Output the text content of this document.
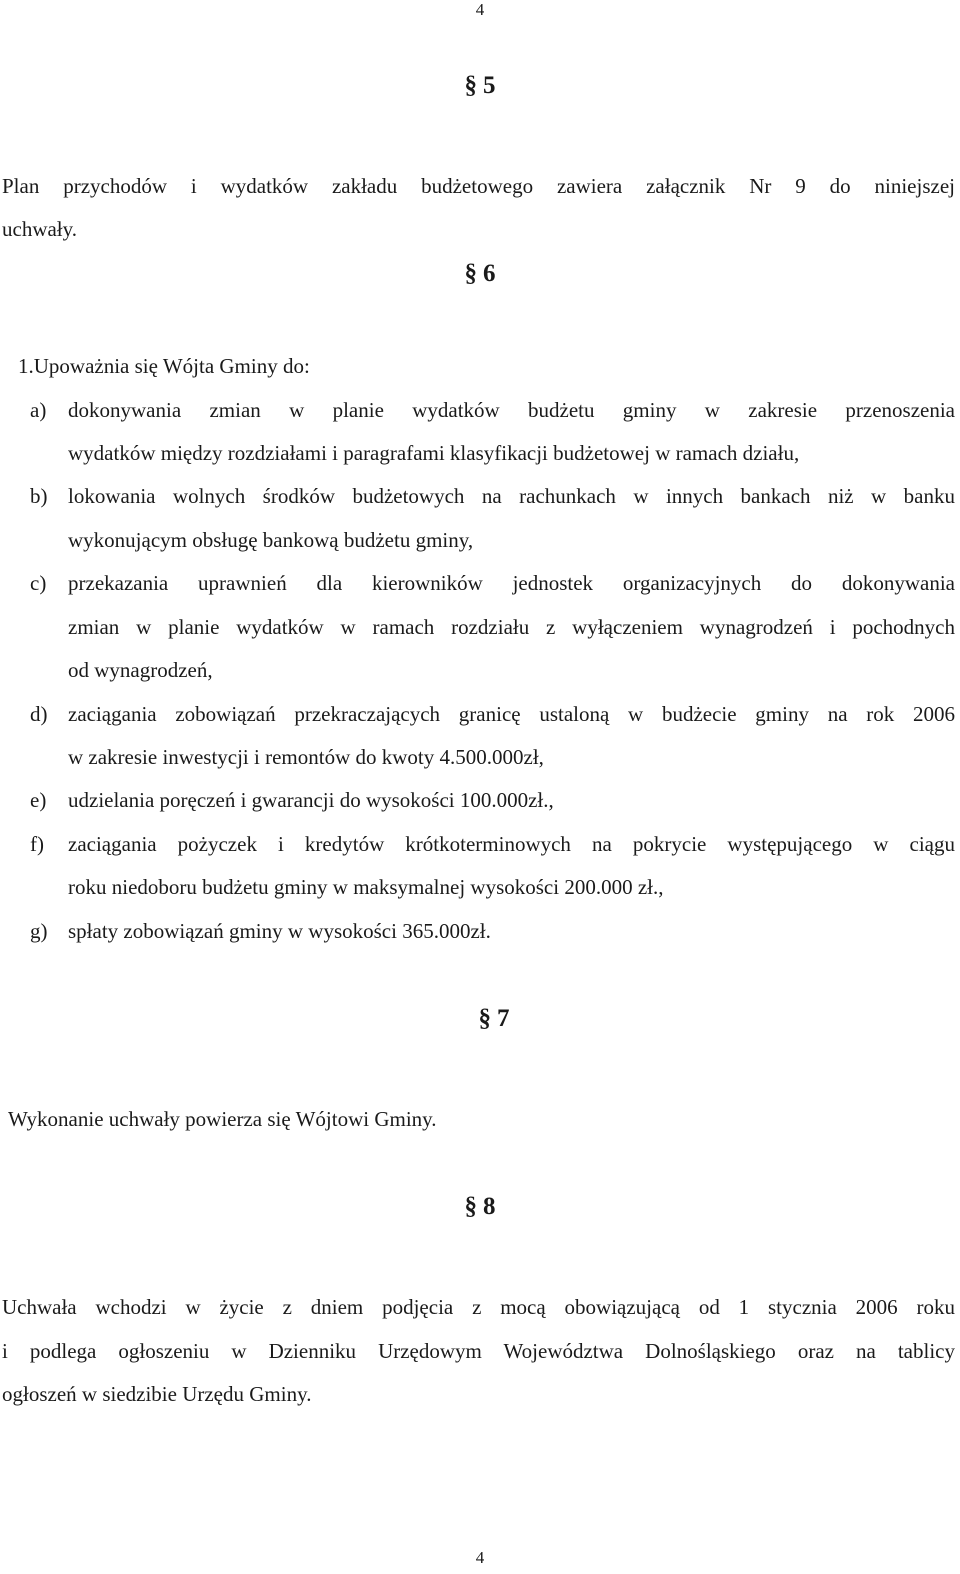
4
§ 5
Plan przychodów i wydatków zakładu budżetowego zawiera załącznik Nr 9 do niniejszej
uchwały.
§ 6
1.Upoważnia się Wójta Gminy do:
a)	dokonywania zmian w planie wydatków budżetu gminy w zakresie przenoszenia
wydatków między rozdziałami i paragrafami klasyfikacji budżetowej w ramach działu,
b) lokowania wolnych środków budżetowych na rachunkach w innych bankach niż w banku
wykonującym obsługę bankową budżetu gminy,
c)	przekazania uprawnień dla kierowników jednostek organizacyjnych do dokonywania
zmian w planie wydatków w ramach rozdziału z wyłączeniem wynagrodzeń i pochodnych
od wynagrodzeń,
d) zaciągania zobowiązań przekraczających granicę ustaloną w budżecie gminy na rok 2006
w zakresie inwestycji i remontów do kwoty 4.500.000zł,
e)	udzielania poręczeń i gwarancji do wysokości 100.000zł.,
f)	zaciągania pożyczek i kredytów krótkoterminowych na pokrycie występującego w ciągu
roku niedoboru budżetu gminy w maksymalnej wysokości 200.000 zł.,
g) spłaty zobowiązań gminy w wysokości 365.000zł.
§ 7
Wykonanie uchwały powierza się Wójtowi Gminy.
§ 8
Uchwała wchodzi w życie z dniem podjęcia z mocą obowiązującą od 1 stycznia 2006 roku
i podlega ogłoszeniu w Dzienniku Urzędowym Województwa Dolnośląskiego oraz na tablicy
ogłoszeń w siedzibie Urzędu Gminy.
4
